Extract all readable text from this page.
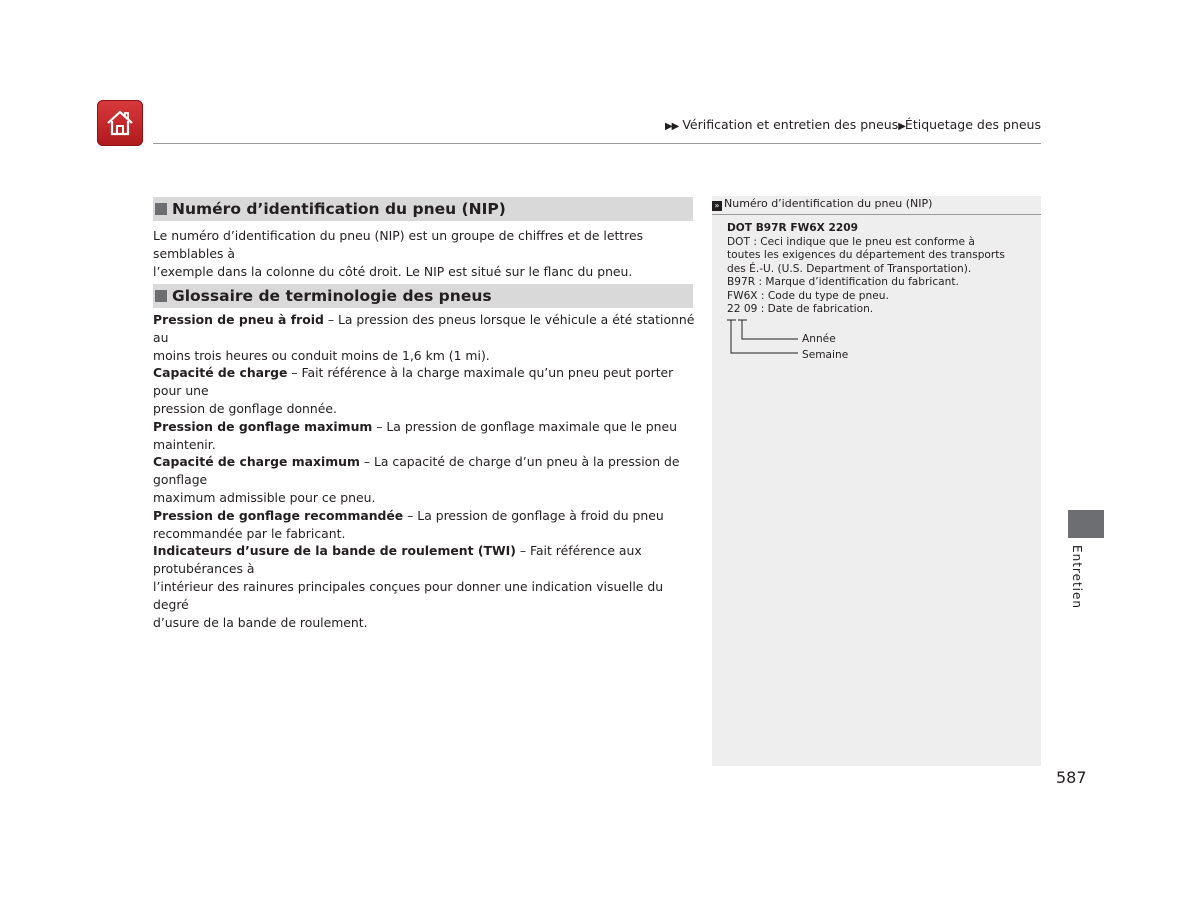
▶▶ Vérification et entretien des pneus▶Étiquetage des pneus
Numéro d’identification du pneu (NIP)

Le numéro d’identification du pneu (NIP) est un groupe de chiffres et de lettres semblables à

l’exemple dans la colonne du côté droit. Le NIP est situé sur le flanc du pneu.

Glossaire de terminologie des pneus

Pression de pneu à froid – La pression des pneus lorsque le véhicule a été stationné au

moins trois heures ou conduit moins de 1,6 km (1 mi).

Capacité de charge – Fait référence à la charge maximale qu’un pneu peut porter pour une

pression de gonflage donnée.

Pression de gonflage maximum – La pression de gonflage maximale que le pneu maintenir.

Capacité de charge maximum – La capacité de charge d’un pneu à la pression de gonflage

maximum admissible pour ce pneu.

Pression de gonflage recommandée – La pression de gonflage à froid du pneu

recommandée par le fabricant.

Indicateurs d’usure de la bande de roulement (TWI) – Fait référence aux protubérances à

l’intérieur des rainures principales conçues pour donner une indication visuelle du degré

d’usure de la bande de roulement.

» Numéro d’identification du pneu (NIP)
DOT B97R FW6X 2209
DOT : Ceci indique que le pneu est conforme à
toutes les exigences du département des transports
des É.-U. (U.S. Department of Transportation).
B97R : Marque d’identification du fabricant.
FW6X : Code du type de pneu.
22 09 : Date de fabrication.
Année
Semaine
Entretien
587
